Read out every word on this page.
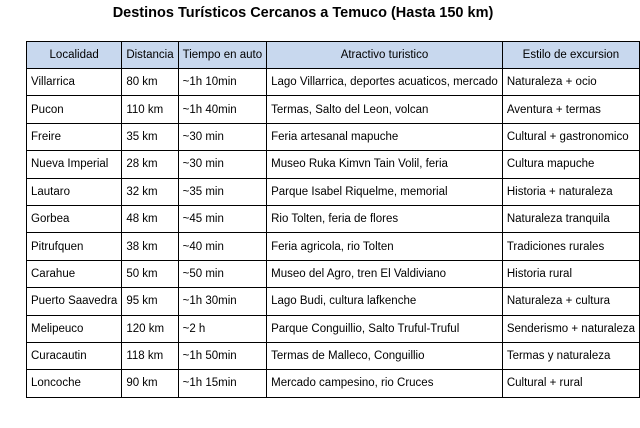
Destinos Turísticos Cercanos a Temuco (Hasta 150 km)
Localidad	Distancia	Tiempo en auto	Atractivo turistico	Estilo de excursion
Villarrica	80 km	~1h 10min	Lago Villarrica, deportes acuaticos, mercado	Naturaleza + ocio
Pucon	110 km	~1h 40min	Termas, Salto del Leon, volcan	Aventura + termas
Freire	35 km	~30 min	Feria artesanal mapuche	Cultural + gastronomico
Nueva Imperial	28 km	~30 min	Museo Ruka Kimvn Tain Volil, feria	Cultura mapuche
Lautaro	32 km	~35 min	Parque Isabel Riquelme, memorial	Historia + naturaleza
Gorbea	48 km	~45 min	Rio Tolten, feria de flores	Naturaleza tranquila
Pitrufquen	38 km	~40 min	Feria agricola, rio Tolten	Tradiciones rurales
Carahue	50 km	~50 min	Museo del Agro, tren El Valdiviano	Historia rural
Puerto Saavedra	95 km	~1h 30min	Lago Budi, cultura lafkenche	Naturaleza + cultura
Melipeuco	120 km	~2 h	Parque Conguillio, Salto Truful-Truful	Senderismo + naturaleza
Curacautin	118 km	~1h 50min	Termas de Malleco, Conguillio	Termas y naturaleza
Loncoche	90 km	~1h 15min	Mercado campesino, rio Cruces	Cultural + rural
